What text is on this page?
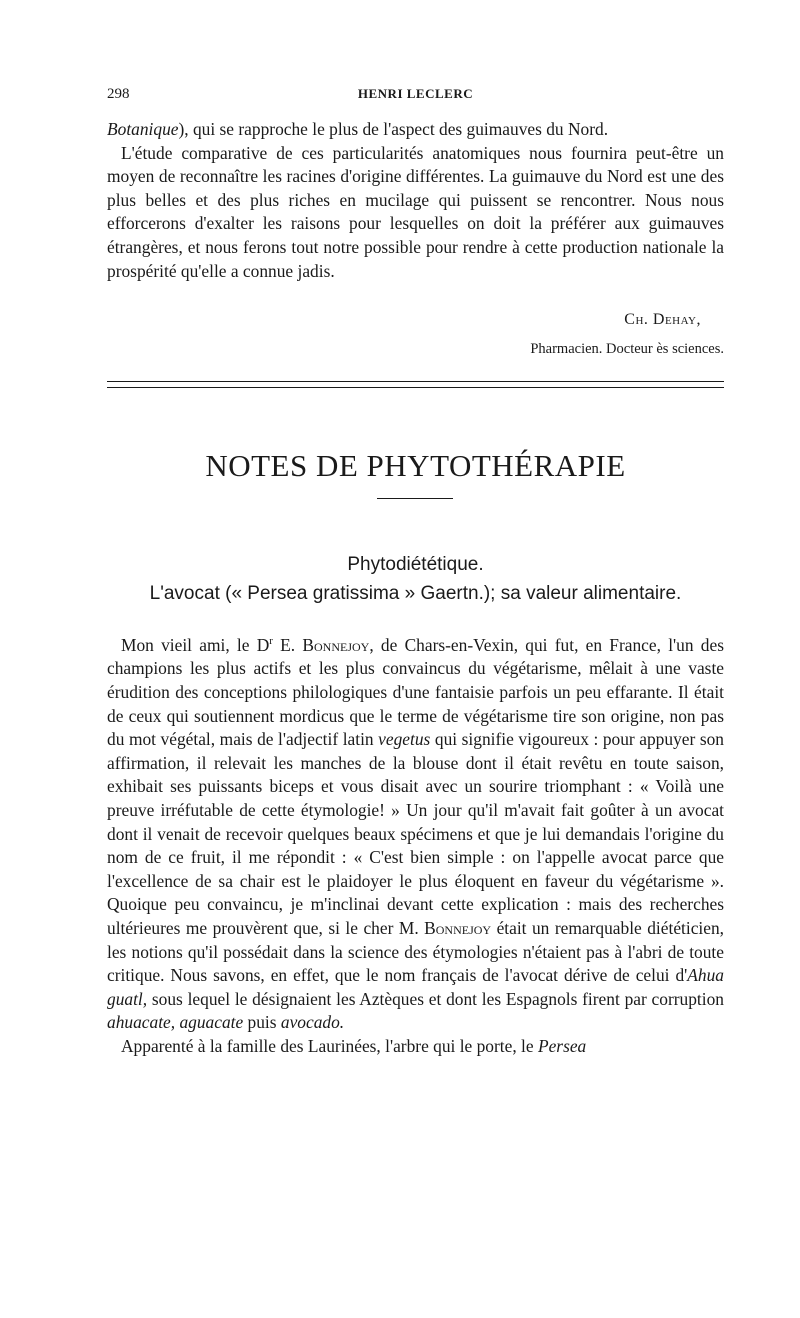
298	HENRI LECLERC

Botanique), qui se rapproche le plus de l'aspect des guimauves du Nord.

L'étude comparative de ces particularités anatomiques nous fournira peut-être un moyen de reconnaître les racines d'origine différentes. La guimauve du Nord est une des plus belles et des plus riches en mucilage qui puissent se rencontrer. Nous nous efforcerons d'exalter les raisons pour lesquelles on doit la préférer aux guimauves étrangères, et nous ferons tout notre possible pour rendre à cette production nationale la prospérité qu'elle a connue jadis.

Ch. Dehay,
Pharmacien. Docteur ès sciences.
NOTES DE PHYTOTHÉRAPIE
Phytodiététique.
L'avocat (« Persea gratissima » Gaertn.); sa valeur alimentaire.

Mon vieil ami, le $D^r$ E. Bonnejoy, de Chars-en-Vexin, qui fut, en France, l'un des champions les plus actifs et les plus convaincus du végétarisme, mêlait à une vaste érudition des conceptions philologiques d'une fantaisie parfois un peu effarante. Il était de ceux qui soutiennent mordicus que le terme de végétarisme tire son origine, non pas du mot végétal, mais de l'adjectif latin vegetus qui signifie vigoureux : pour appuyer son affirmation, il relevait les manches de la blouse dont il était revêtu en toute saison, exhibait ses puissants biceps et vous disait avec un sourire triomphant : « Voilà une preuve irréfutable de cette étymologie! » Un jour qu'il m'avait fait goûter à un avocat dont il venait de recevoir quelques beaux spécimens et que je lui demandais l'origine du nom de ce fruit, il me répondit : « C'est bien simple : on l'appelle avocat parce que l'excellence de sa chair est le plaidoyer le plus éloquent en faveur du végétarisme ». Quoique peu convaincu, je m'inclinai devant cette explication : mais des recherches ultérieures me prouvèrent que, si le cher M. Bonnejoy était un remarquable diététicien, les notions qu'il possédait dans la science des étymologies n'étaient pas à l'abri de toute critique. Nous savons, en effet, que le nom français de l'avocat dérive de celui d'Ahua guatl, sous lequel le désignaient les Aztèques et dont les Espagnols firent par corruption ahuacate, aguacate puis avocado.

Apparenté à la famille des Laurinées, l'arbre qui le porte, le Persea
